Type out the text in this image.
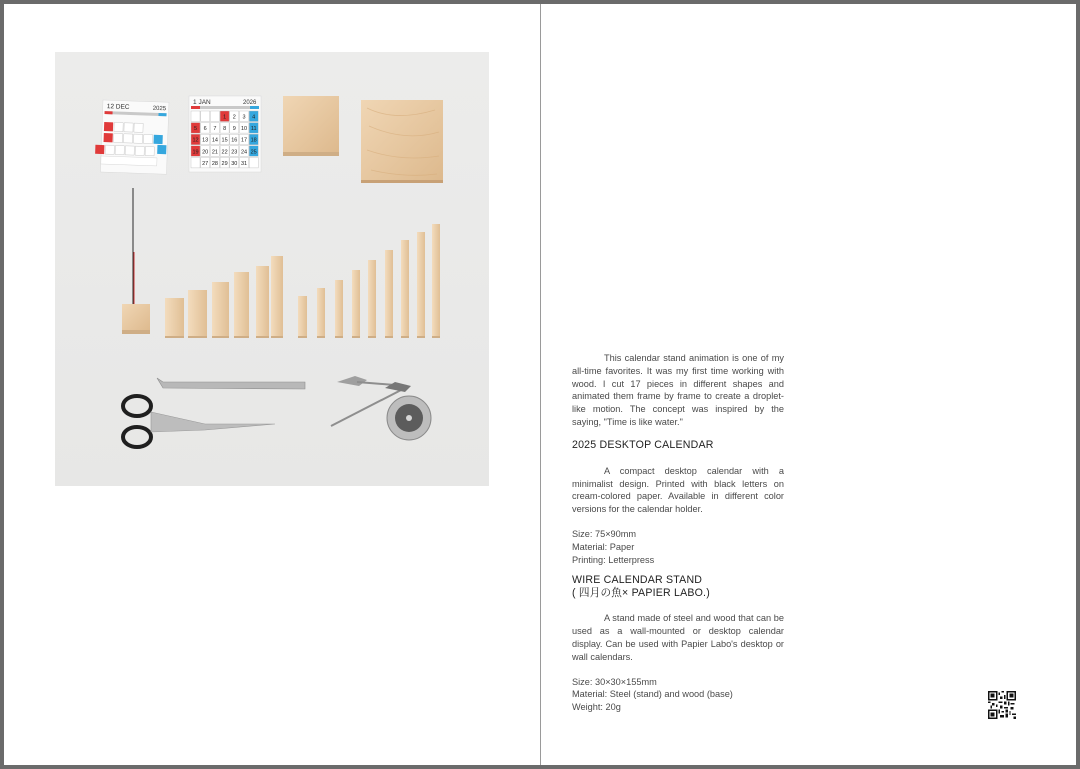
12 DEC	2025
1 JAN	2026
1 2 3 4
5 6 7 8 9 10 11
12 13 14 15 16 17 18
19 20 21 22 23 24 25
27 28 29 30 31

This calendar stand animation is one of my all-time favorites. It was my first time working with wood. I cut 17 pieces in different shapes and animated them frame by frame to create a droplet-like motion. The concept was inspired by the saying, "Time is like water."

2025 DESKTOP CALENDAR

A compact desktop calendar with a minimalist design. Printed with black letters on cream-colored paper. Available in different color versions for the calendar holder.

Size: 75×90mm

Material: Paper

Printing: Letterpress

WIRE CALENDAR STAND

( 四月の魚× PAPIER LABO.)

A stand made of steel and wood that can be used as a wall-mounted or desktop calendar display. Can be used with Papier Labo's desktop or wall calendars.

Size: 30×30×155mm

Material: Steel (stand) and wood (base)

Weight: 20g
